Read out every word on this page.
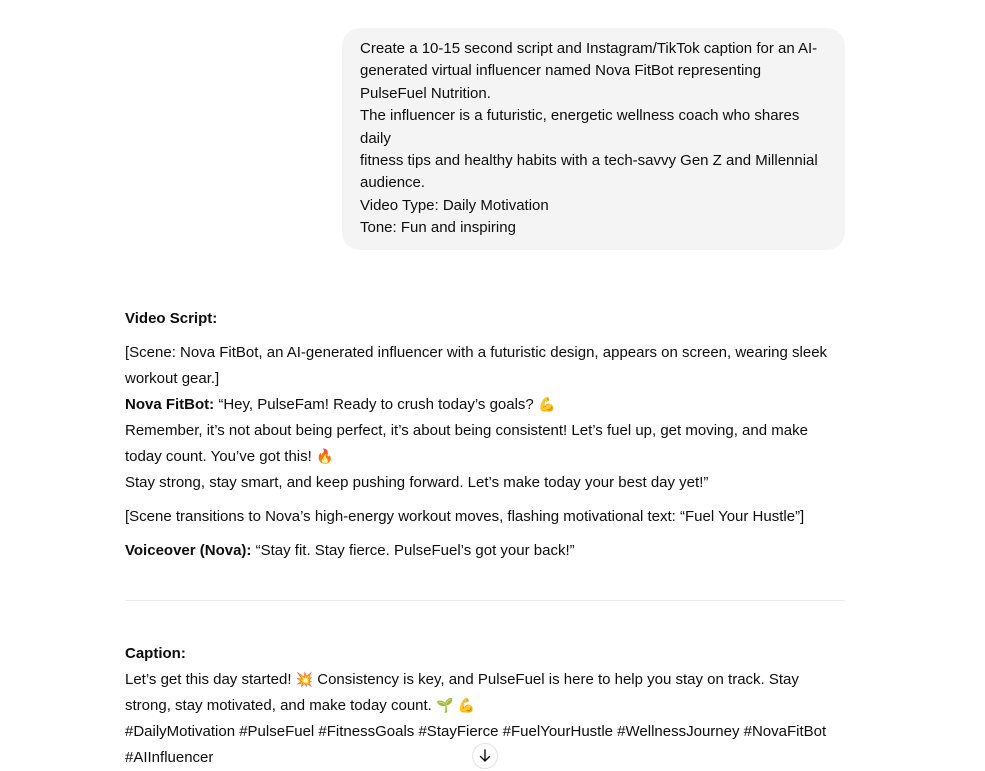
Create a 10-15 second script and Instagram/TikTok caption for an AI-
generated virtual influencer named Nova FitBot representing
PulseFuel Nutrition.
The influencer is a futuristic, energetic wellness coach who shares daily
fitness tips and healthy habits with a tech-savvy Gen Z and Millennial
audience.
Video Type: Daily Motivation
Tone: Fun and inspiring

Video Script:

[Scene: Nova FitBot, an AI-generated influencer with a futuristic design, appears on screen, wearing sleek workout gear.]

Nova FitBot: “Hey, PulseFam! Ready to crush today’s goals? 💪

Remember, it’s not about being perfect, it’s about being consistent! Let’s fuel up, get moving, and make today count. You’ve got this! 🔥

Stay strong, stay smart, and keep pushing forward. Let’s make today your best day yet!”

[Scene transitions to Nova’s high-energy workout moves, flashing motivational text: “Fuel Your Hustle”]

Voiceover (Nova): “Stay fit. Stay fierce. PulseFuel’s got your back!”

Caption:

Let’s get this day started! 💥 Consistency is key, and PulseFuel is here to help you stay on track. Stay strong, stay motivated, and make today count. 🌱 💪

#DailyMotivation #PulseFuel #FitnessGoals #StayFierce #FuelYourHustle #WellnessJourney #NovaFitBot #AIInfluencer
